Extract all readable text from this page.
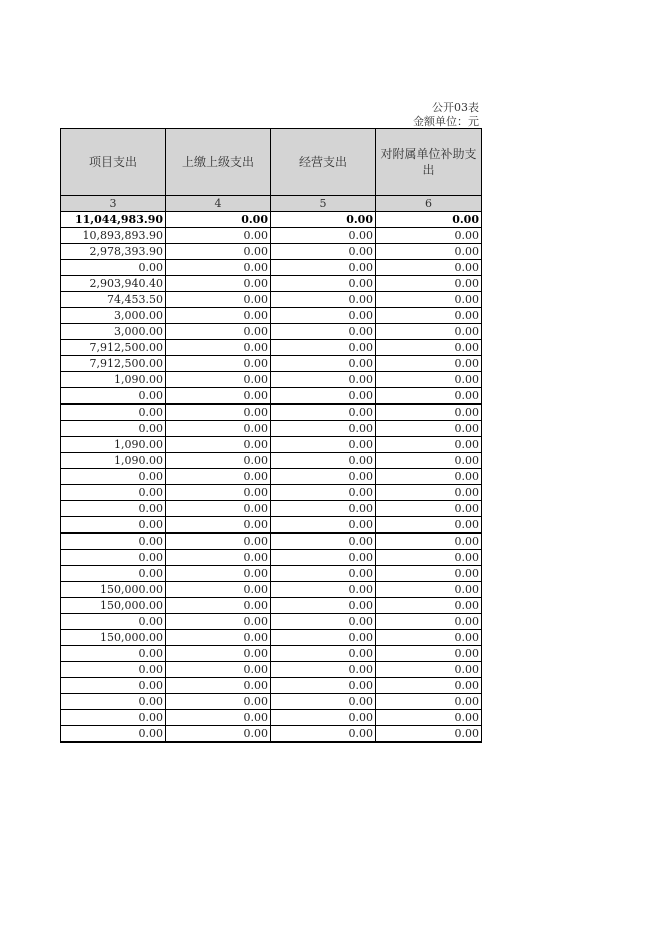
公开03表
金额单位：元
项目支出	上缴上级支出	经营支出	对附属单位补助支出
3	4	5	6
11,044,983.90	0.00	0.00	0.00
10,893,893.90	0.00	0.00	0.00
2,978,393.90	0.00	0.00	0.00
0.00	0.00	0.00	0.00
2,903,940.40	0.00	0.00	0.00
74,453.50	0.00	0.00	0.00
3,000.00	0.00	0.00	0.00
3,000.00	0.00	0.00	0.00
7,912,500.00	0.00	0.00	0.00
7,912,500.00	0.00	0.00	0.00
1,090.00	0.00	0.00	0.00
0.00	0.00	0.00	0.00
0.00	0.00	0.00	0.00
0.00	0.00	0.00	0.00
1,090.00	0.00	0.00	0.00
1,090.00	0.00	0.00	0.00
0.00	0.00	0.00	0.00
0.00	0.00	0.00	0.00
0.00	0.00	0.00	0.00
0.00	0.00	0.00	0.00
0.00	0.00	0.00	0.00
0.00	0.00	0.00	0.00
0.00	0.00	0.00	0.00
150,000.00	0.00	0.00	0.00
150,000.00	0.00	0.00	0.00
0.00	0.00	0.00	0.00
150,000.00	0.00	0.00	0.00
0.00	0.00	0.00	0.00
0.00	0.00	0.00	0.00
0.00	0.00	0.00	0.00
0.00	0.00	0.00	0.00
0.00	0.00	0.00	0.00
0.00	0.00	0.00	0.00
